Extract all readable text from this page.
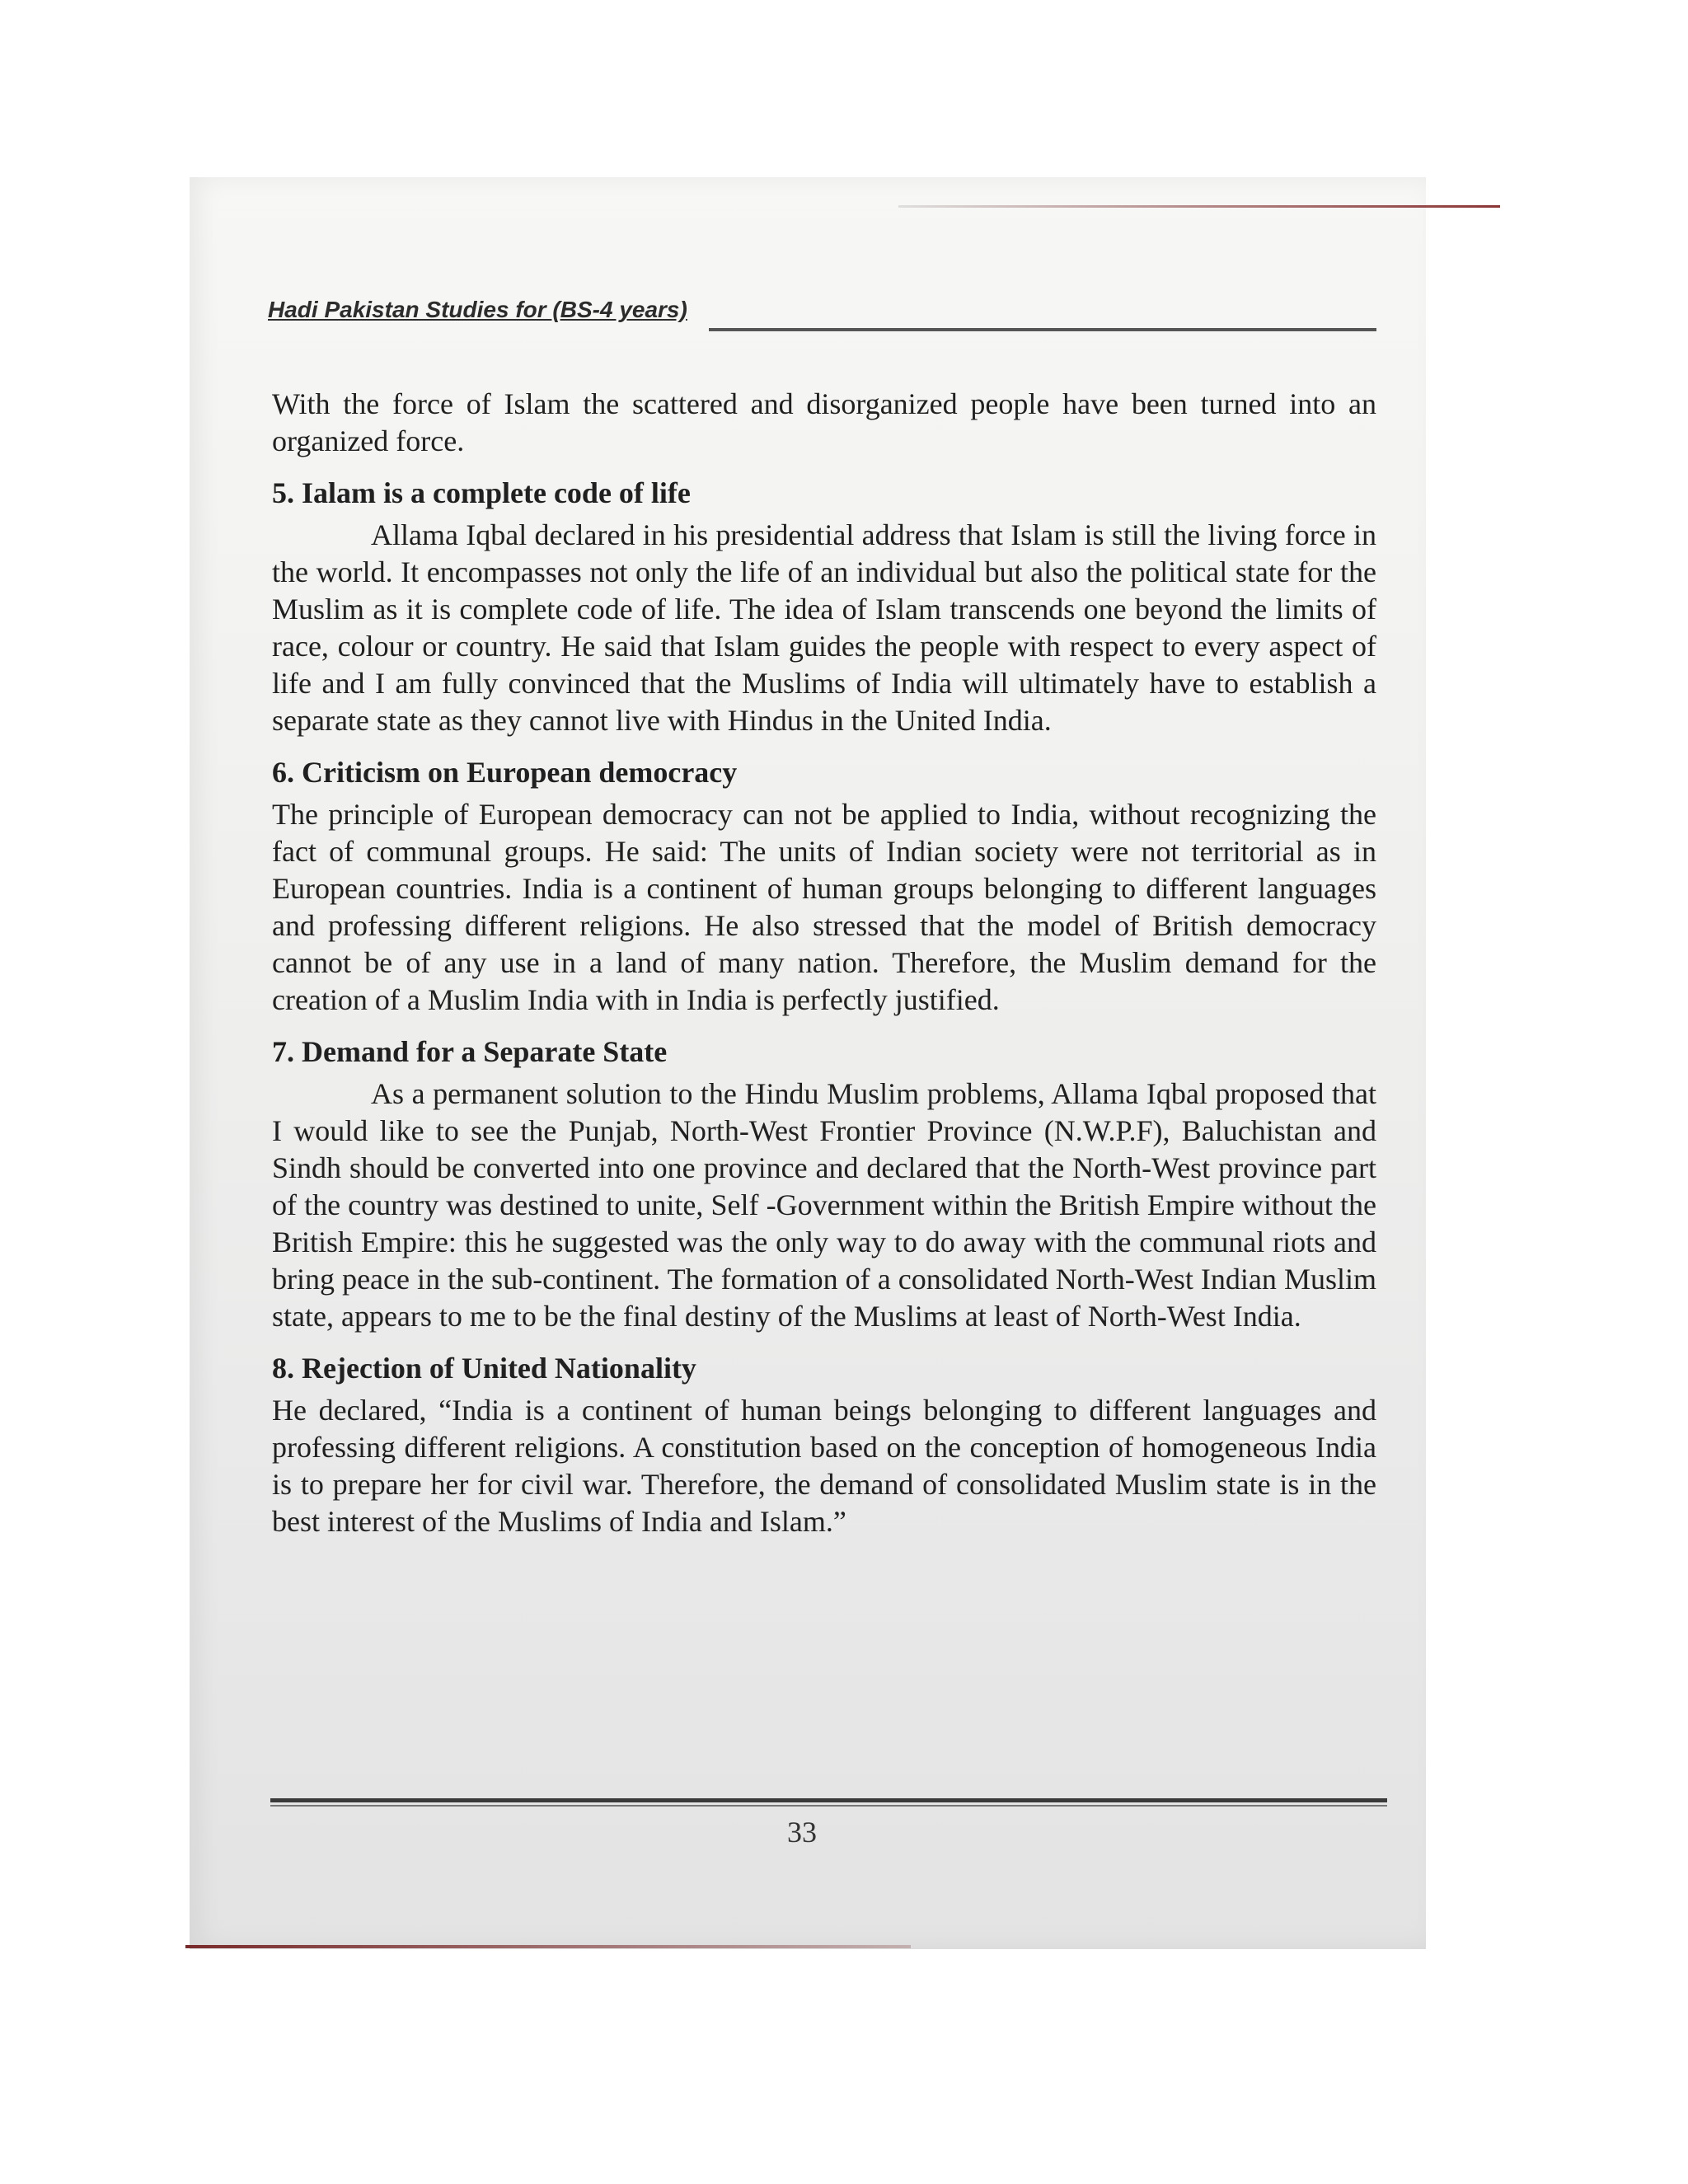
Hadi Pakistan Studies for (BS-4 years)

With the force of Islam the scattered and disorganized people have been turned into an organized force.

5. Ialam is a complete code of life

Allama Iqbal declared in his presidential address that Islam is still the living force in the world. It encompasses not only the life of an individual but also the political state for the Muslim as it is complete code of life. The idea of Islam transcends one beyond the limits of race, colour or country. He said that Islam guides the people with respect to every aspect of life and I am fully convinced that the Muslims of India will ultimately have to establish a separate state as they cannot live with Hindus in the United India.

6. Criticism on European democracy

The principle of European democracy can not be applied to India, without recognizing the fact of communal groups. He said: The units of Indian society were not territorial as in European countries. India is a continent of human groups belonging to different languages and professing different religions. He also stressed that the model of British democracy cannot be of any use in a land of many nation. Therefore, the Muslim demand for the creation of a Muslim India with in India is perfectly justified.

7. Demand for a Separate State

As a permanent solution to the Hindu Muslim problems, Allama Iqbal proposed that I would like to see the Punjab, North-West Frontier Province (N.W.P.F), Baluchistan and Sindh should be converted into one province and declared that the North-West province part of the country was destined to unite, Self -Government within the British Empire without the British Empire: this he suggested was the only way to do away with the communal riots and bring peace in the sub-continent. The formation of a consolidated North-West Indian Muslim state, appears to me to be the final destiny of the Muslims at least of North-West India.

8. Rejection of United Nationality

He declared, “India is a continent of human beings belonging to different languages and professing different religions. A constitution based on the conception of homogeneous India is to prepare her for civil war. Therefore, the demand of consolidated Muslim state is in the best interest of the Muslims of India and Islam.”

33
